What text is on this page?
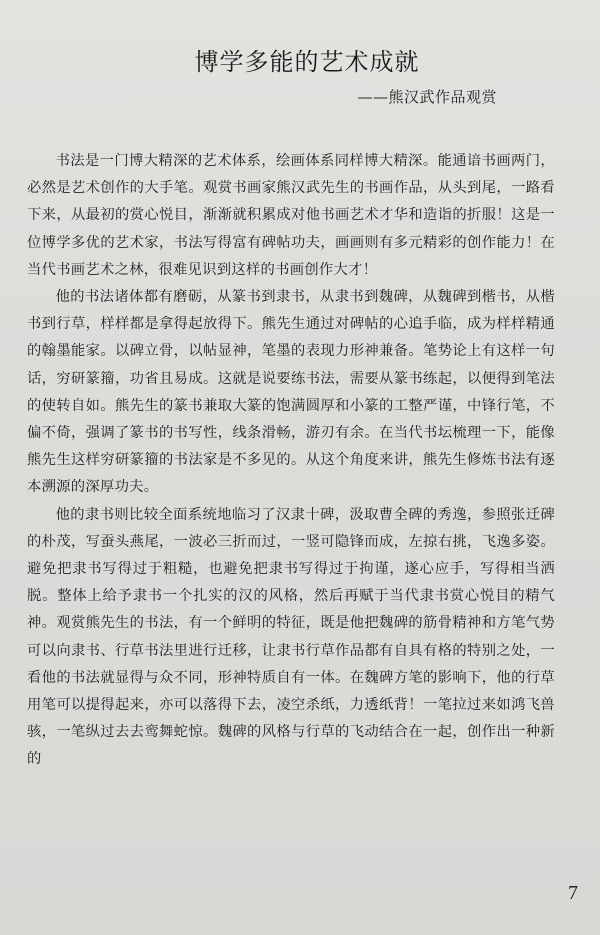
博学多能的艺术成就
——熊汉武作品观赏

书法是一门博大精深的艺术体系，绘画体系同样博大精深。能通谙书画两门，必然是艺术创作的大手笔。观赏书画家熊汉武先生的书画作品，从头到尾，一路看下来，从最初的赏心悦目，渐渐就积累成对他书画艺术才华和造诣的折服！这是一位博学多优的艺术家，书法写得富有碑帖功夫，画画则有多元精彩的创作能力！在当代书画艺术之林，很难见识到这样的书画创作大才！

他的书法诸体都有磨砺，从篆书到隶书，从隶书到魏碑，从魏碑到楷书，从楷书到行草，样样都是拿得起放得下。熊先生通过对碑帖的心追手临，成为样样精通的翰墨能家。以碑立骨，以帖显神，笔墨的表现力形神兼备。笔势论上有这样一句话，穷研篆籀，功省且易成。这就是说要练书法，需要从篆书练起，以便得到笔法的使转自如。熊先生的篆书兼取大篆的饱满圆厚和小篆的工整严谨，中锋行笔，不偏不倚，强调了篆书的书写性，线条滑畅，游刃有余。在当代书坛梳理一下，能像熊先生这样穷研篆籀的书法家是不多见的。从这个角度来讲，熊先生修炼书法有逐本溯源的深厚功夫。

他的隶书则比较全面系统地临习了汉隶十碑，汲取曹全碑的秀逸，参照张迁碑的朴茂，写蚕头燕尾，一波必三折而过，一竖可隐锋而成，左掠右挑，飞逸多姿。避免把隶书写得过于粗糙，也避免把隶书写得过于拘谨，遂心应手，写得相当洒脱。整体上给予隶书一个扎实的汉的风格，然后再赋于当代隶书赏心悦目的精气神。观赏熊先生的书法，有一个鲜明的特征，既是他把魏碑的筋骨精神和方笔气势可以向隶书、行草书法里进行迁移，让隶书行草作品都有自具有格的特别之处，一看他的书法就显得与众不同，形神特质自有一体。在魏碑方笔的影响下，他的行草用笔可以提得起来，亦可以落得下去，凌空杀纸，力透纸背！一笔拉过来如鸿飞兽骇，一笔纵过去去鸾舞蛇惊。魏碑的风格与行草的飞动结合在一起，创作出一种新的

7
